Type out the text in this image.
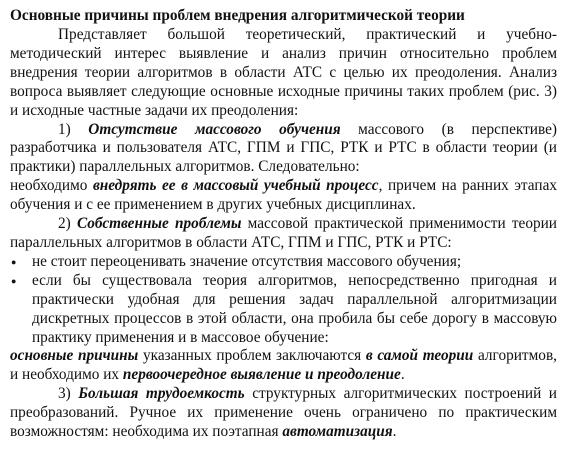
Основные причины проблем внедрения алгоритмической теории

Представляет большой теоретический, практический и учебно-методический интерес выявление и анализ причин относительно проблем внедрения теории алгоритмов в области АТС с целью их преодоления. Анализ вопроса выявляет следующие основные исходные причины таких проблем (рис. 3) и исходные частные задачи их преодоления:

1) Отсутствие массового обучения массового (в перспективе) разработчика и пользователя АТС, ГПМ и ГПС, РТК и РТС в области теории (и практики) параллельных алгоритмов. Следовательно:

необходимо внедрять ее в массовый учебный процесс, причем на ранних этапах обучения и с ее применением в других учебных дисциплинах.

2) Собственные проблемы массовой практической применимости теории параллельных алгоритмов в области АТС, ГПМ и ГПС, РТК и РТС:

● не стоит переоценивать значение отсутствия массового обучения;
● если бы существовала теория алгоритмов, непосредственно пригодная и практически удобная для решения задач параллельной алгоритмизации дискретных процессов в этой области, она пробила бы себе дорогу в массовую практику применения и в массовое обучение:

основные причины указанных проблем заключаются в самой теории алгоритмов, и необходимо их первоочередное выявление и преодоление.

3) Большая трудоемкость структурных алгоритмических построений и преобразований. Ручное их применение очень ограничено по практическим возможностям: необходима их поэтапная автоматизация.
